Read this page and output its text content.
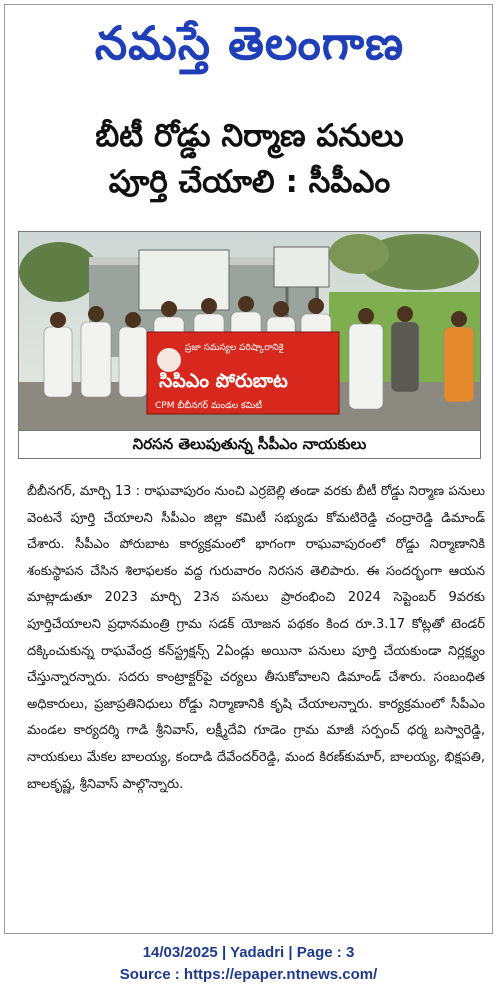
నమస్తే తెలంగాణ
బీటీ రోడ్డు నిర్మాణ పనులు
పూర్తి చేయాలి : సీపీఎం
ప్రజా సమస్యల పరిష్కారానికై
సిపిఎం పోరుబాట
CPM బీబీనగర్ మండల కమిటీ
నిరసన తెలుపుతున్న సీపీఎం నాయకులు

బీబీనగర్, మార్చి 13 : రాఘవాపురం నుంచి ఎర్రబెల్లి తండా వరకు బీటీ రోడ్డు నిర్మాణ పనులు వెంటనే పూర్తి చేయాలని సీపీఎం జిల్లా కమిటీ సభ్యుడు కోమటిరెడ్డి చంద్రారెడ్డి డిమాండ్ చేశారు. సీపీఎం పోరుబాట కార్యక్రమంలో భాగంగా రాఘవాపురంలో రోడ్డు నిర్మాణానికి శంకుస్థాపన చేసిన శిలాఫలకం వద్ద గురువారం నిరసన తెలిపారు. ఈ సందర్భంగా ఆయన మాట్లాడుతూ 2023 మార్చి 23న పనులు ప్రారంభించి 2024 సెప్టెంబర్ 9వరకు పూర్తిచేయాలని ప్రధానమంత్రి గ్రామ సడక్ యోజన పథకం కింద రూ.3.17 కోట్లతో టెండర్ దక్కించుకున్న రాఘవేంద్ర కన్‌స్ట్రక్షన్స్ 2ఏండ్లు అయినా పనులు పూర్తి చేయకుండా నిర్లక్ష్యం చేస్తున్నారన్నారు. సదరు కాంట్రాక్టర్‌పై చర్యలు తీసుకోవాలని డిమాండ్ చేశారు. సంబంధిత అధికారులు, ప్రజాప్రతినిధులు రోడ్డు నిర్మాణానికి కృషి చేయాలన్నారు. కార్యక్రమంలో సీపీఎం మండల కార్యదర్శి గాడి శ్రీనివాస్, లక్ష్మీదేవి గూడెం గ్రామ మాజీ సర్పంచ్ ధర్మ బస్వారెడ్డి, నాయకులు మేకల బాలయ్య, కందాడి దేవేందర్‌రెడ్డి, మంద కిరణ్‌కుమార్, బాలయ్య, భిక్షపతి, బాలకృష్ణ, శ్రీనివాస్ పాల్గొన్నారు.

14/03/2025 | Yadadri | Page : 3
Source : https://epaper.ntnews.com/
